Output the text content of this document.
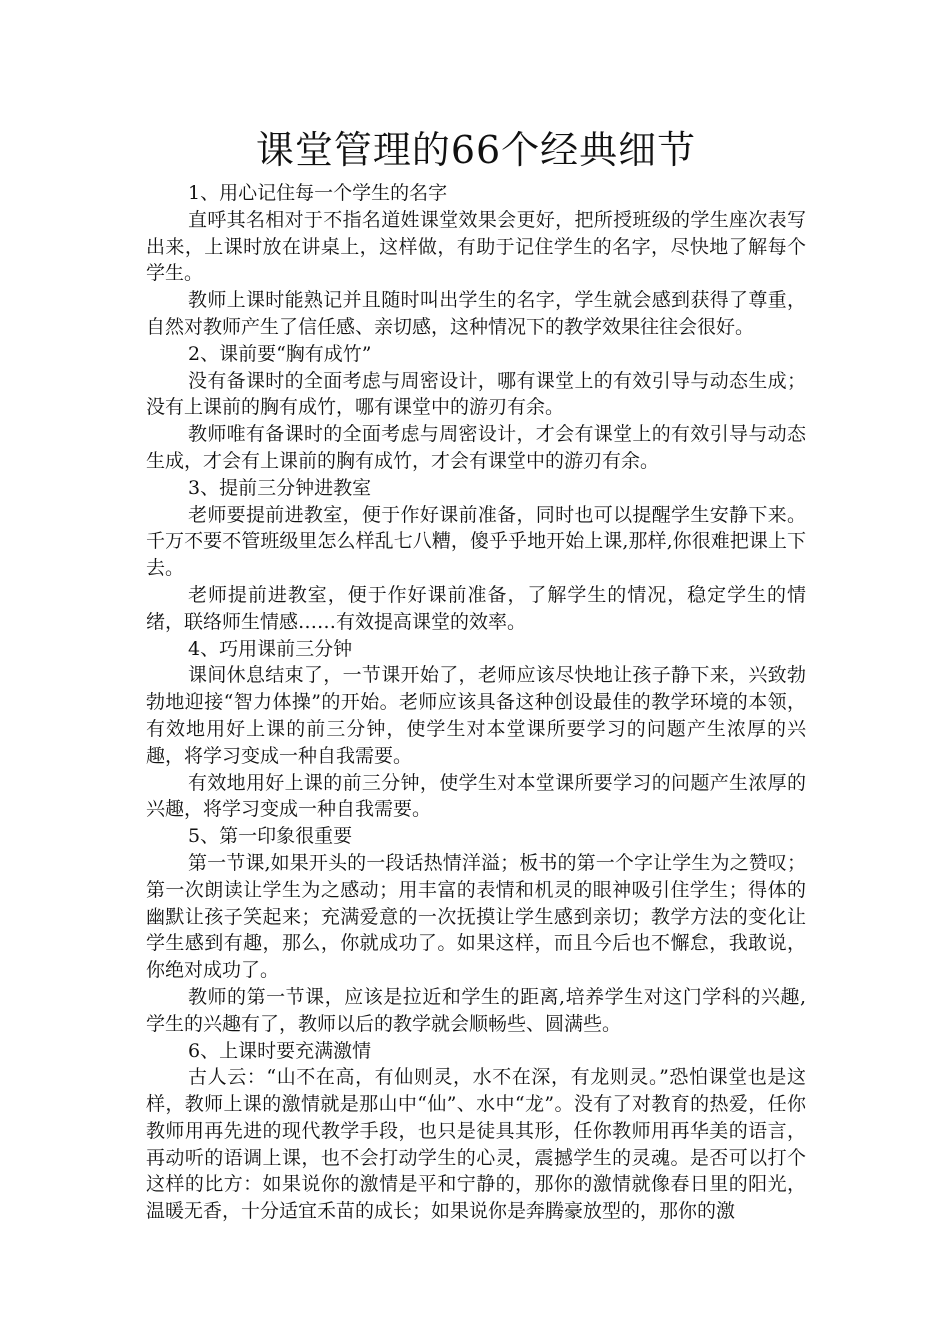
课堂管理的66个经典细节

1、用心记住每一个学生的名字

直呼其名相对于不指名道姓课堂效果会更好，把所授班级的学生座次表写出来，上课时放在讲桌上，这样做，有助于记住学生的名字，尽快地了解每个学生。

教师上课时能熟记并且随时叫出学生的名字，学生就会感到获得了尊重，自然对教师产生了信任感、亲切感，这种情况下的教学效果往往会很好。

2、课前要“胸有成竹”

没有备课时的全面考虑与周密设计，哪有课堂上的有效引导与动态生成；没有上课前的胸有成竹，哪有课堂中的游刃有余。

教师唯有备课时的全面考虑与周密设计，才会有课堂上的有效引导与动态生成，才会有上课前的胸有成竹，才会有课堂中的游刃有余。

3、提前三分钟进教室

老师要提前进教室，便于作好课前准备，同时也可以提醒学生安静下来。千万不要不管班级里怎么样乱七八糟，傻乎乎地开始上课,那样,你很难把课上下去。

老师提前进教室，便于作好课前准备，了解学生的情况，稳定学生的情绪，联络师生情感……有效提高课堂的效率。

4、巧用课前三分钟

课间休息结束了，一节课开始了，老师应该尽快地让孩子静下来，兴致勃勃地迎接“智力体操”的开始。老师应该具备这种创设最佳的教学环境的本领，有效地用好上课的前三分钟，使学生对本堂课所要学习的问题产生浓厚的兴趣，将学习变成一种自我需要。

有效地用好上课的前三分钟，使学生对本堂课所要学习的问题产生浓厚的兴趣，将学习变成一种自我需要。

5、第一印象很重要

第一节课,如果开头的一段话热情洋溢；板书的第一个字让学生为之赞叹；第一次朗读让学生为之感动；用丰富的表情和机灵的眼神吸引住学生；得体的幽默让孩子笑起来；充满爱意的一次抚摸让学生感到亲切；教学方法的变化让学生感到有趣，那么，你就成功了。如果这样，而且今后也不懈怠，我敢说，你绝对成功了。

教师的第一节课，应该是拉近和学生的距离,培养学生对这门学科的兴趣,学生的兴趣有了，教师以后的教学就会顺畅些、圆满些。

6、上课时要充满激情

古人云：“山不在高，有仙则灵，水不在深，有龙则灵。”恐怕课堂也是这样，教师上课的激情就是那山中“仙”、水中“龙”。没有了对教育的热爱，任你教师用再先进的现代教学手段，也只是徒具其形，任你教师用再华美的语言，再动听的语调上课，也不会打动学生的心灵，震撼学生的灵魂。是否可以打个这样的比方：如果说你的激情是平和宁静的，那你的激情就像春日里的阳光，温暖无香，十分适宜禾苗的成长；如果说你是奔腾豪放型的，那你的激
